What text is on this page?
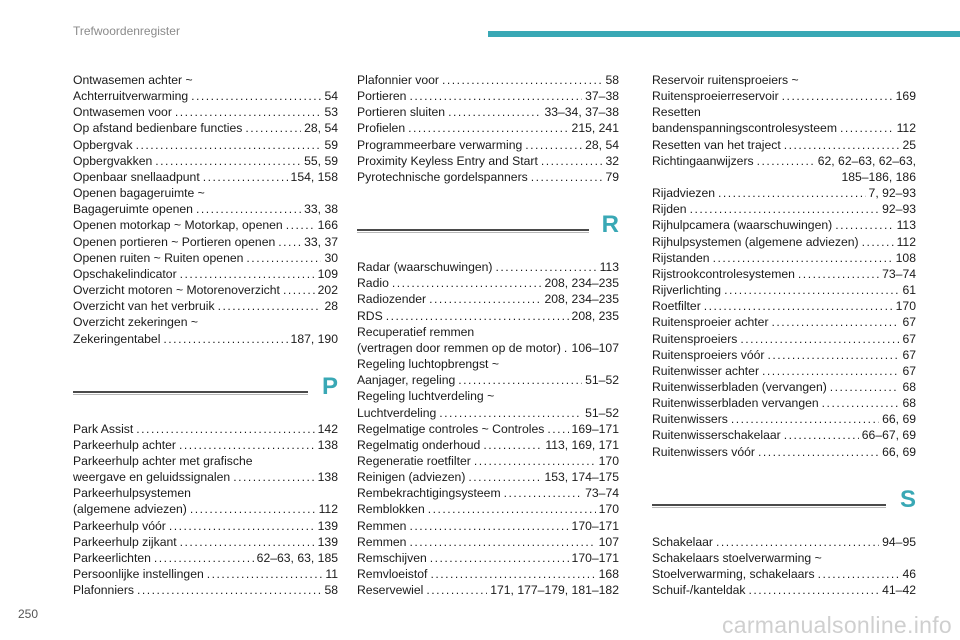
Trefwoordenregister
Ontwasemen achter ~
Achterruitverwarming .....	54
Ontwasemen voor .....	53
Op afstand bedienbare functies .....	28, 54
Opbergvak .....	59
Opbergvakken .....	55, 59
Openbaar snellaadpunt .....	154, 158
Openen bagageruimte ~
Bagageruimte openen .....	33, 38
Openen motorkap ~ Motorkap, openen .....	166
Openen portieren ~ Portieren openen ..... 33, 37
Openen ruiten ~ Ruiten openen .....	30
Opschakelindicator .....	109
Overzicht motoren ~ Motorenoverzicht .....	202
Overzicht van het verbruik .....	28
Overzicht zekeringen ~
Zekeringentabel .....	187, 190
P
Park Assist .....	142
Parkeerhulp achter .....	138
Parkeerhulp achter met grafische
weergave en geluidssignalen .....	138
Parkeerhulpsystemen
(algemene adviezen) .....	112
Parkeerhulp vóór .....	139
Parkeerhulp zijkant .....	139
Parkeerlichten .....	62–63, 63, 185
Persoonlijke instellingen .....	11
Plafonniers .....	58
Plafonnier voor .....	58
Portieren .....	37–38
Portieren sluiten .....	33–34, 37–38
Profielen .....	215, 241
Programmeerbare verwarming .....	28, 54
Proximity Keyless Entry and Start .....	32
Pyrotechnische gordelspanners .....	79
R
Radar (waarschuwingen) .....	113
Radio .....	208, 234–235
Radiozender .....	208, 234–235
RDS .....	208, 235
Recuperatief remmen
(vertragen door remmen op de motor) ..... 106–107
Regeling luchtopbrengst ~
Aanjager, regeling .....	51–52
Regeling luchtverdeling ~
Luchtverdeling .....	51–52
Regelmatige controles ~ Controles ..... 169–171
Regelmatig onderhoud .....	113, 169, 171
Regeneratie roetfilter .....	170
Reinigen (adviezen) .....	153, 174–175
Rembekrachtigingsysteem .....	73–74
Remblokken .....	170
Remmen .....	170–171
Remmen .....	107
Remschijven .....	170–171
Remvloeistof .....	168
Reservewiel .....	171, 177–179, 181–182
Reservoir ruitensproeiers ~
Ruitensproeierreservoir .....	169
Resetten
bandenspanningscontrolesysteem .....	112
Resetten van het traject .....	25
Richtingaanwijzers .....	62, 62–63, 62–63,
185–186, 186
Rijadviezen .....	7, 92–93
Rijden .....	92–93
Rijhulpcamera (waarschuwingen) .....	113
Rijhulpsystemen (algemene adviezen) .....	112
Rijstanden .....	108
Rijstrookcontrolesystemen .....	73–74
Rijverlichting .....	61
Roetfilter .....	170
Ruitensproeier achter .....	67
Ruitensproeiers .....	67
Ruitensproeiers vóór .....	67
Ruitenwisser achter .....	67
Ruitenwisserbladen (vervangen) .....	68
Ruitenwisserbladen vervangen .....	68
Ruitenwissers .....	66, 69
Ruitenwisserschakelaar .....	66–67, 69
Ruitenwissers vóór .....	66, 69
S
Schakelaar .....	94–95
Schakelaars stoelverwarming ~
Stoelverwarming, schakelaars .....	46
Schuif-/kanteldak .....	41–42
250	carmanualsonline.info
